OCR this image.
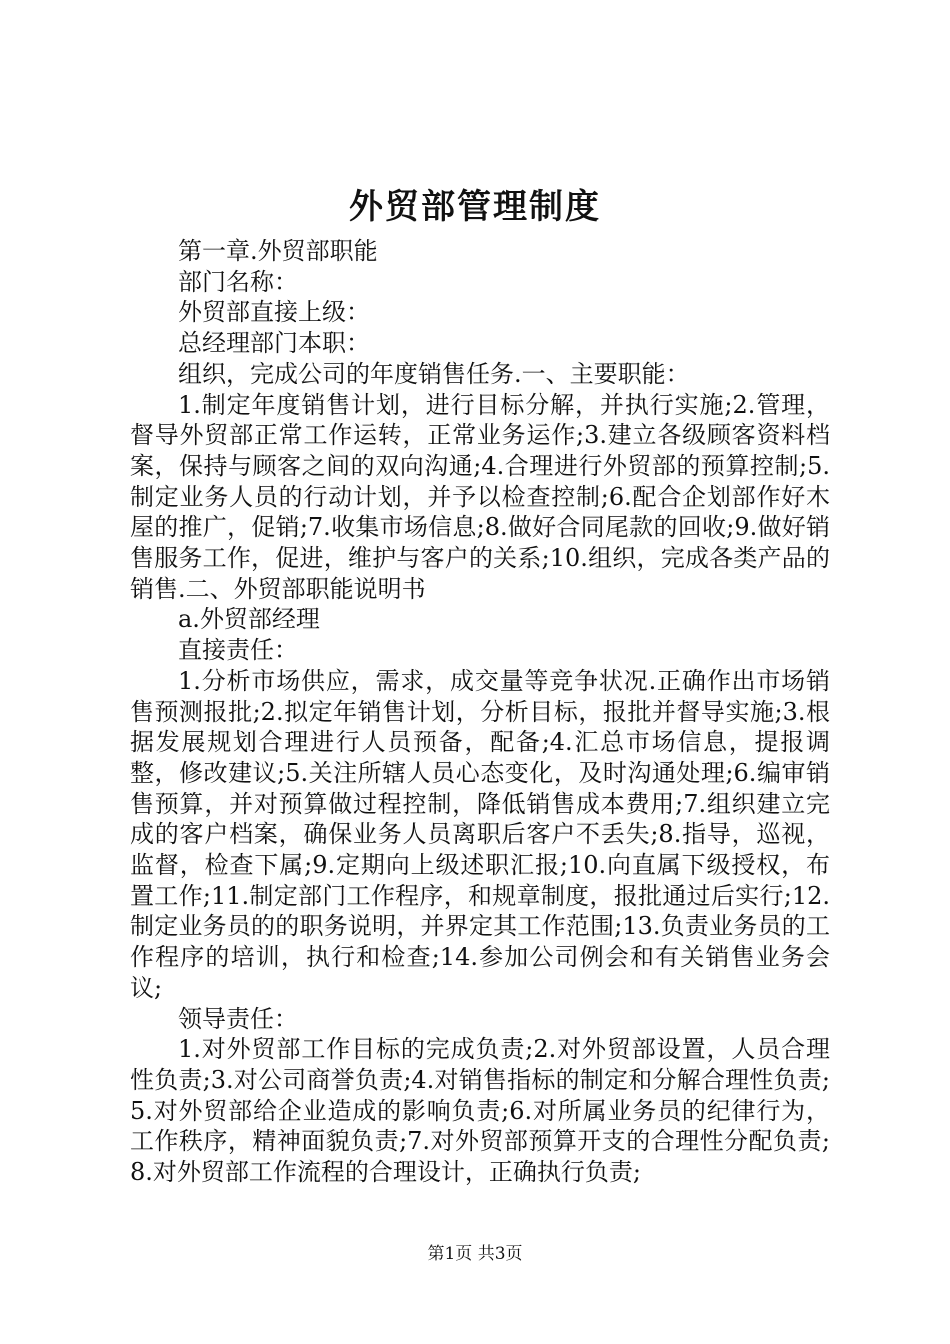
外贸部管理制度

第一章.外贸部职能

部门名称：

外贸部直接上级：

总经理部门本职：

组织，完成公司的年度销售任务.一、主要职能：

1.制定年度销售计划，进行目标分解，并执行实施;2.管理，督导外贸部正常工作运转，正常业务运作;3.建立各级顾客资料档案，保持与顾客之间的双向沟通;4.合理进行外贸部的预算控制;5.制定业务人员的行动计划，并予以检查控制;6.配合企划部作好木屋的推广，促销;7.收集市场信息;8.做好合同尾款的回收;9.做好销售服务工作，促进，维护与客户的关系;10.组织，完成各类产品的销售.二、外贸部职能说明书

a.外贸部经理

直接责任：

1.分析市场供应，需求，成交量等竞争状况.正确作出市场销售预测报批;2.拟定年销售计划，分析目标，报批并督导实施;3.根据发展规划合理进行人员预备，配备;4.汇总市场信息，提报调整，修改建议;5.关注所辖人员心态变化，及时沟通处理;6.编审销售预算，并对预算做过程控制，降低销售成本费用;7.组织建立完成的客户档案，确保业务人员离职后客户不丢失;8.指导，巡视，监督，检查下属;9.定期向上级述职汇报;10.向直属下级授权，布置工作;11.制定部门工作程序，和规章制度，报批通过后实行;12.制定业务员的的职务说明，并界定其工作范围;13.负责业务员的工作程序的培训，执行和检查;14.参加公司例会和有关销售业务会议;

领导责任：

1.对外贸部工作目标的完成负责;2.对外贸部设置，人员合理性负责;3.对公司商誉负责;4.对销售指标的制定和分解合理性负责;5.对外贸部给企业造成的影响负责;6.对所属业务员的纪律行为，工作秩序，精神面貌负责;7.对外贸部预算开支的合理性分配负责;8.对外贸部工作流程的合理设计，正确执行负责;

第1页 共3页
